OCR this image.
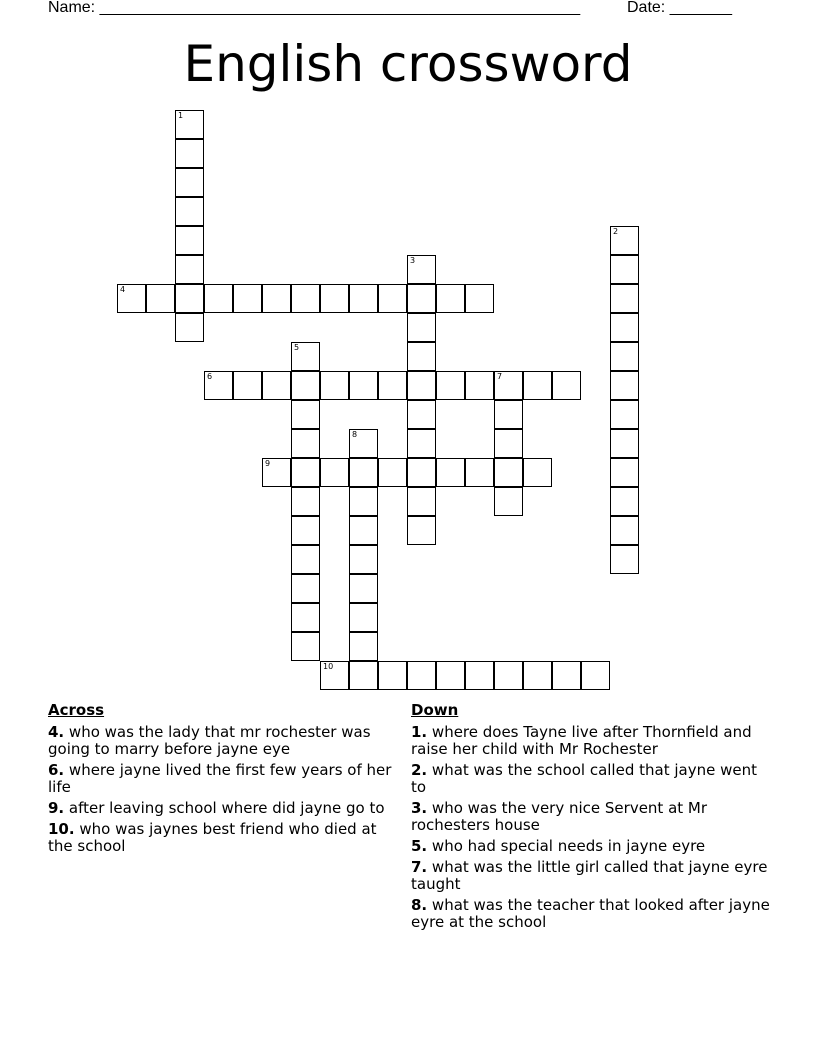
Name: ______________________________________________________	Date: _______
English crossword
1
2
3
4
5
6	7
8
9
10
Across
4. who was the lady that mr rochester was going to marry before jayne eye
6. where jayne lived the first few years of her life
9. after leaving school where did jayne go to
10. who was jaynes best friend who died at the school
Down
1. where does Tayne live after Thornfield and raise her child with Mr Rochester
2. what was the school called that jayne went to
3. who was the very nice Servent at Mr rochesters house
5. who had special needs in jayne eyre
7. what was the little girl called that jayne eyre taught
8. what was the teacher that looked after jayne eyre at the school
